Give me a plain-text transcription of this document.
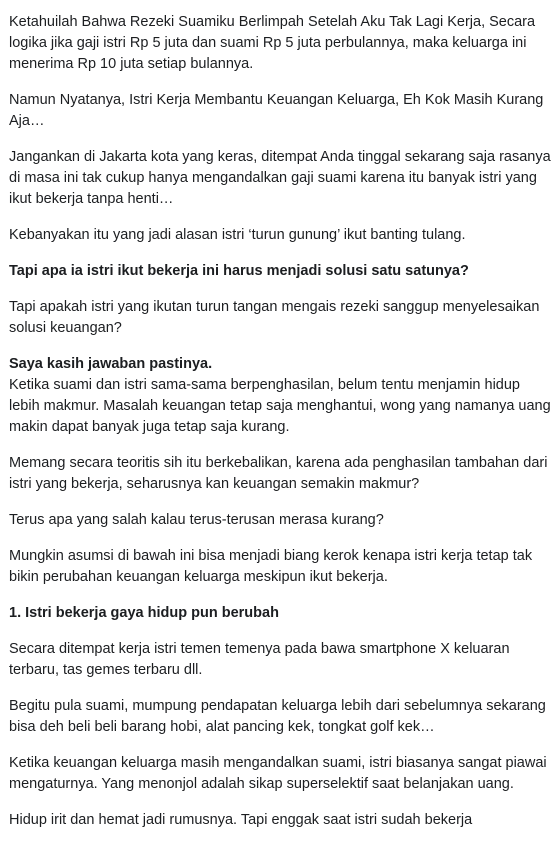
Ketahuilah Bahwa Rezeki Suamiku Berlimpah Setelah Aku Tak Lagi Kerja, Secara logika jika gaji istri Rp 5 juta dan suami Rp 5 juta perbulannya, maka keluarga ini menerima Rp 10 juta setiap bulannya.

Namun Nyatanya, Istri Kerja Membantu Keuangan Keluarga, Eh Kok Masih Kurang Aja…

Jangankan di Jakarta kota yang keras, ditempat Anda tinggal sekarang saja rasanya di masa ini tak cukup hanya mengandalkan gaji suami karena itu banyak istri yang ikut bekerja tanpa henti…

Kebanyakan itu yang jadi alasan istri ‘turun gunung’ ikut banting tulang.

Tapi apa ia istri ikut bekerja ini harus menjadi solusi satu satunya?

Tapi apakah istri yang ikutan turun tangan mengais rezeki sanggup menyelesaikan solusi keuangan?

Saya kasih jawaban pastinya.
Ketika suami dan istri sama-sama berpenghasilan, belum tentu menjamin hidup lebih makmur. Masalah keuangan tetap saja menghantui, wong yang namanya uang makin dapat banyak juga tetap saja kurang.

Memang secara teoritis sih itu berkebalikan, karena ada penghasilan tambahan dari istri yang bekerja, seharusnya kan keuangan semakin makmur?

Terus apa yang salah kalau terus-terusan merasa kurang?

Mungkin asumsi di bawah ini bisa menjadi biang kerok kenapa istri kerja tetap tak bikin perubahan keuangan keluarga meskipun ikut bekerja.

1. Istri bekerja gaya hidup pun berubah

Secara ditempat kerja istri temen temenya pada bawa smartphone X keluaran terbaru, tas gemes terbaru dll.

Begitu pula suami, mumpung pendapatan keluarga lebih dari sebelumnya sekarang bisa deh beli beli barang hobi, alat pancing kek, tongkat golf kek…

Ketika keuangan keluarga masih mengandalkan suami, istri biasanya sangat piawai mengaturnya. Yang menonjol adalah sikap superselektif saat belanjakan uang.

Hidup irit dan hemat jadi rumusnya. Tapi enggak saat istri sudah bekerja
